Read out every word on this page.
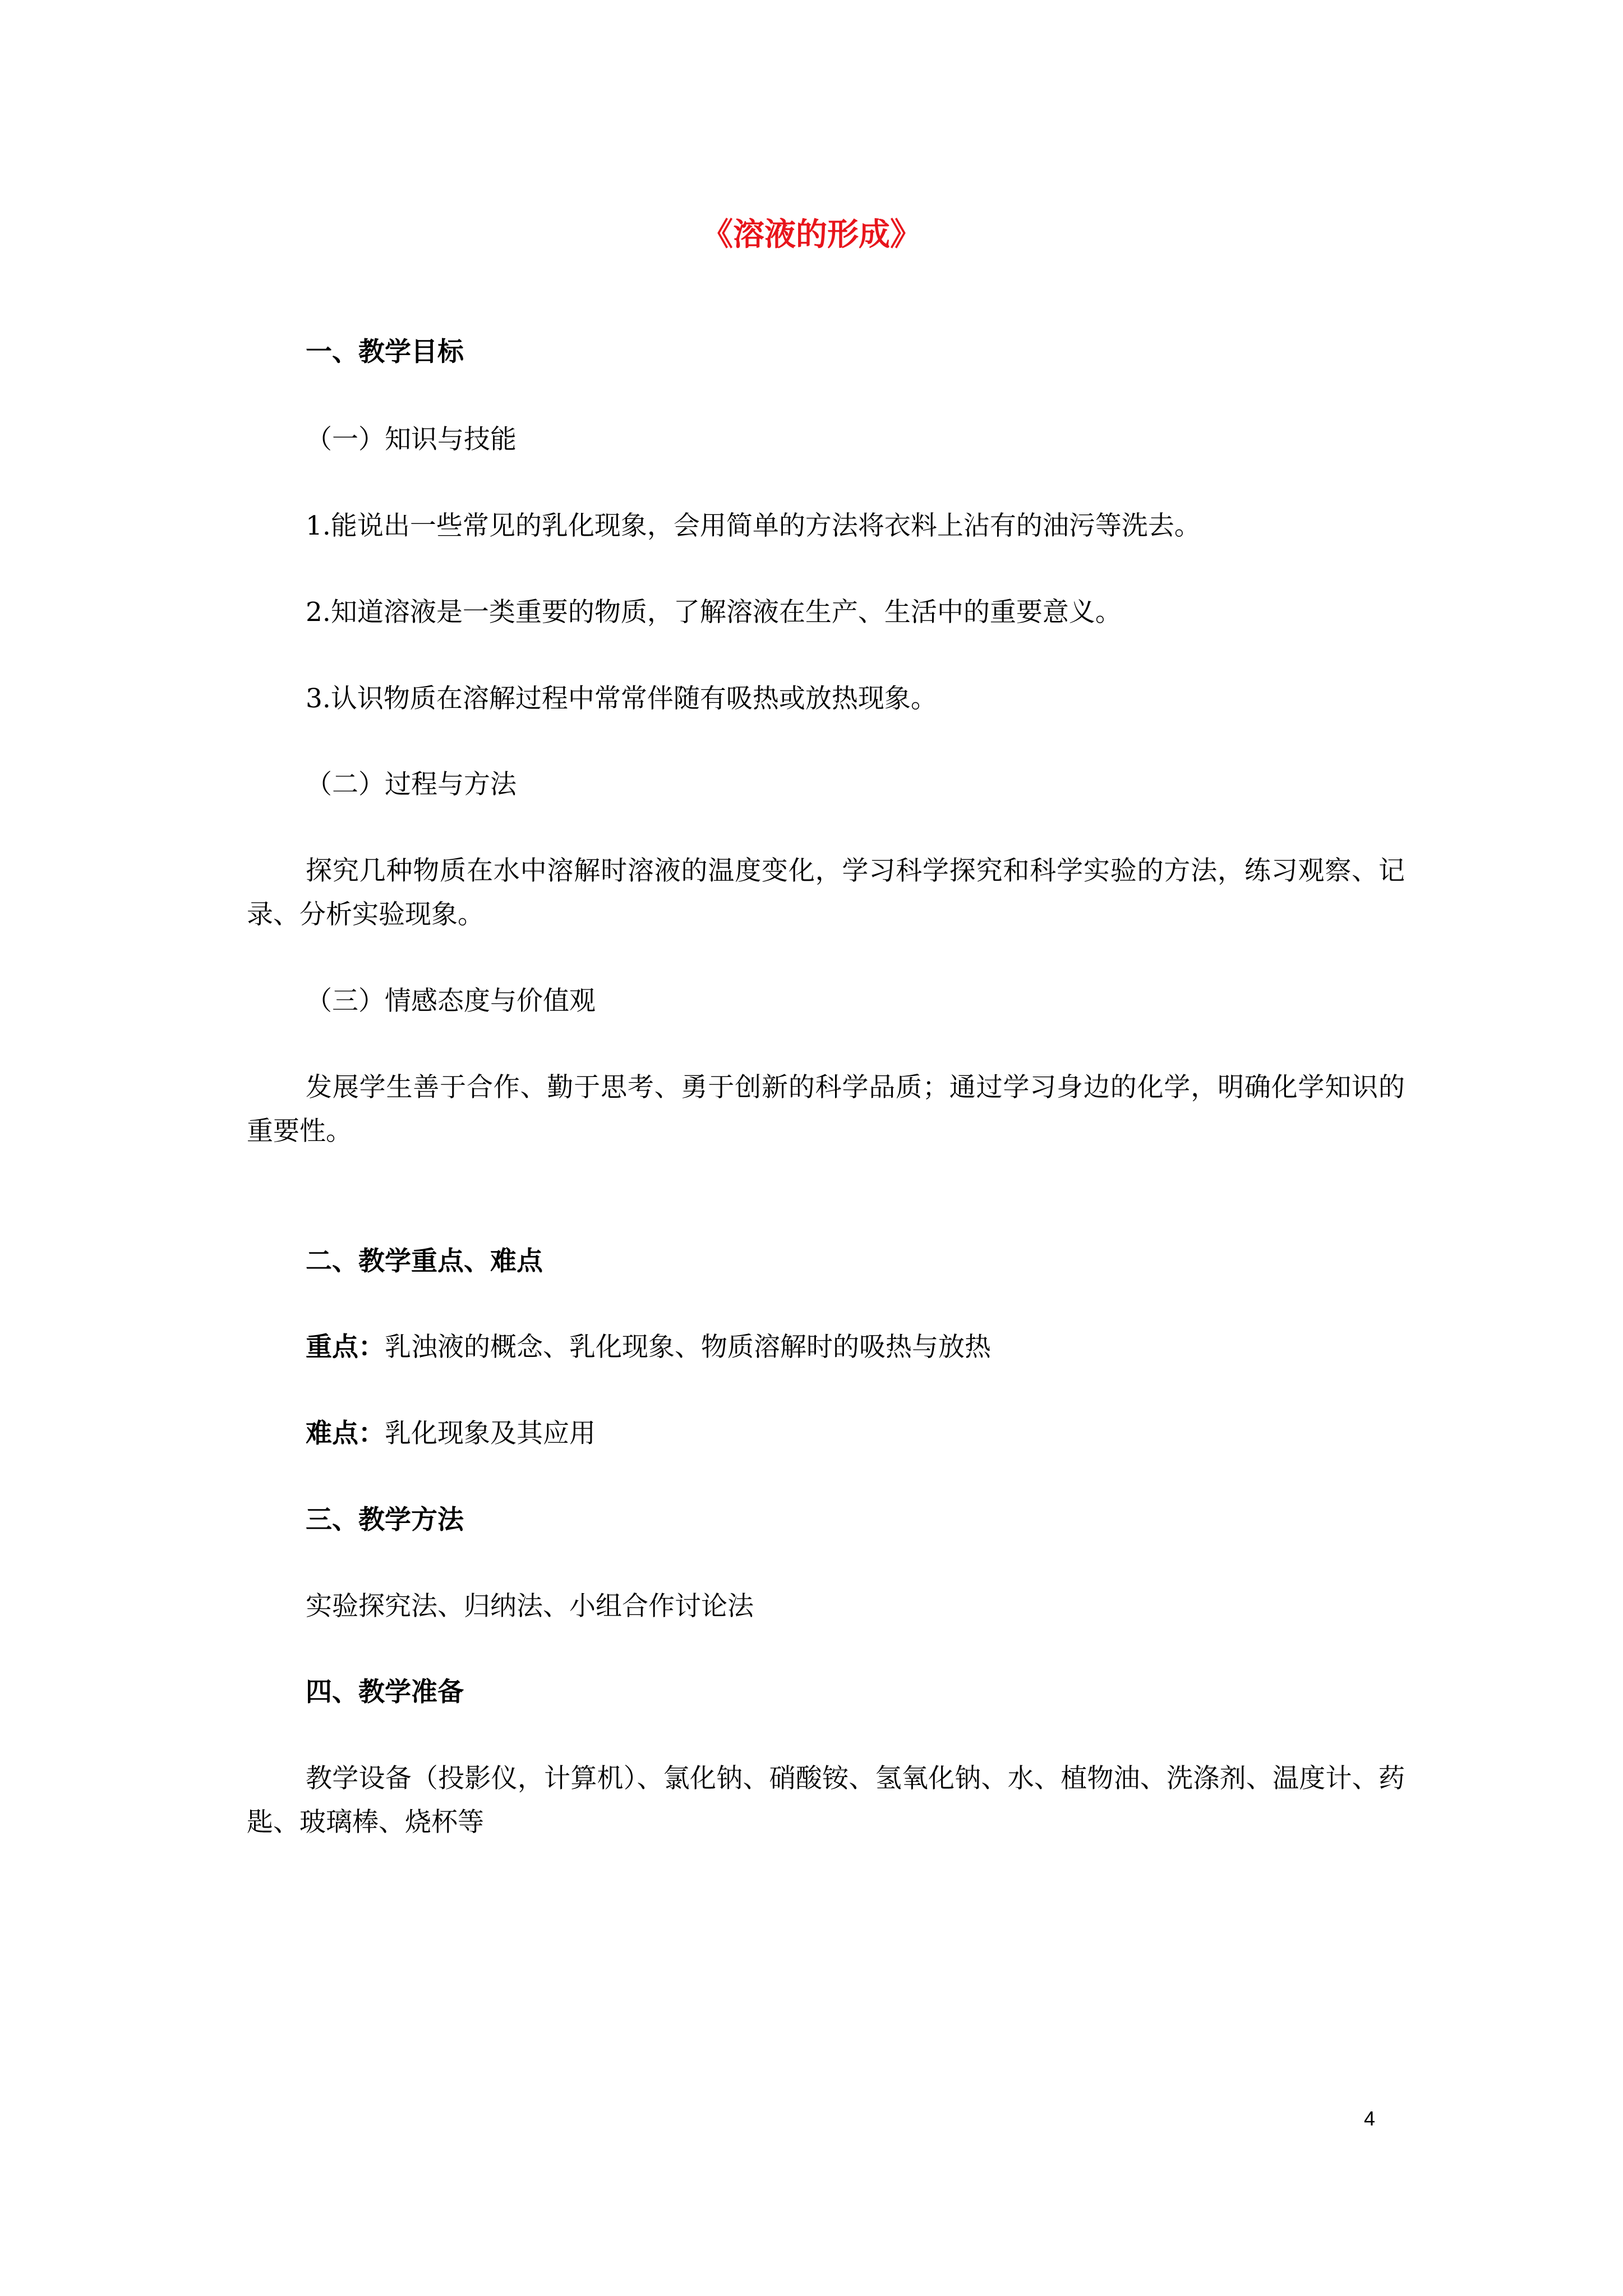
《溶液的形成》
一、教学目标
（一）知识与技能
1.能说出一些常见的乳化现象，会用简单的方法将衣料上沾有的油污等洗去。
2.知道溶液是一类重要的物质，了解溶液在生产、生活中的重要意义。
3.认识物质在溶解过程中常常伴随有吸热或放热现象。
（二）过程与方法
探究几种物质在水中溶解时溶液的温度变化，学习科学探究和科学实验的方法，练习观察、记录、分析实验现象。
（三）情感态度与价值观
发展学生善于合作、勤于思考、勇于创新的科学品质；通过学习身边的化学，明确化学知识的重要性。
二、教学重点、难点
重点：乳浊液的概念、乳化现象、物质溶解时的吸热与放热
难点：乳化现象及其应用
三、教学方法
实验探究法、归纳法、小组合作讨论法
四、教学准备
教学设备（投影仪，计算机）、氯化钠、硝酸铵、氢氧化钠、水、植物油、洗涤剂、温度计、药匙、玻璃棒、烧杯等
4
